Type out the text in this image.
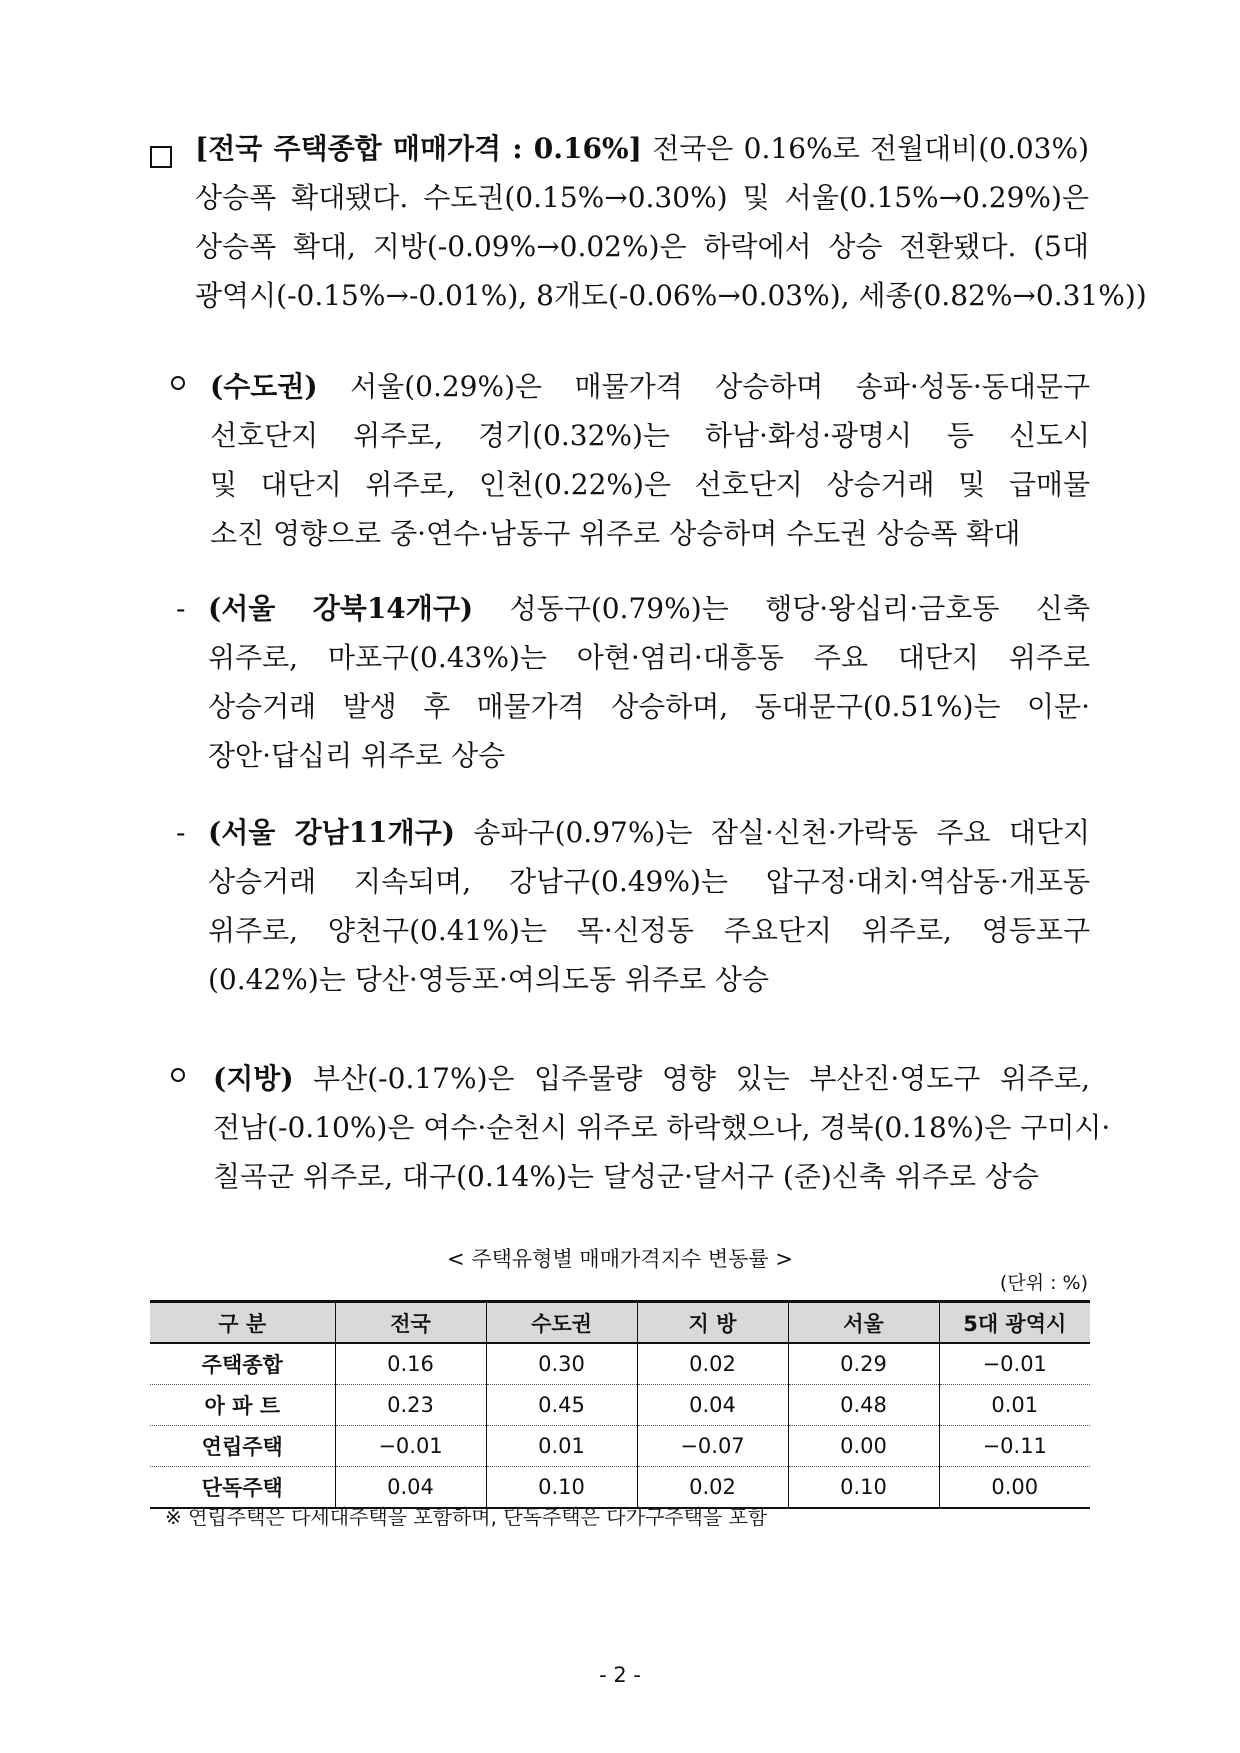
[전국 주택종합 매매가격 : 0.16%] 전국은 0.16%로 전월대비(0.03%)
상승폭 확대됐다. 수도권(0.15%→0.30%) 및 서울(0.15%→0.29%)은
상승폭 확대, 지방(-0.09%→0.02%)은 하락에서 상승 전환됐다. (5대
광역시(-0.15%→-0.01%), 8개도(-0.06%→0.03%), 세종(0.82%→0.31%))
(수도권) 서울(0.29%)은 매물가격 상승하며 송파·성동·동대문구
선호단지 위주로, 경기(0.32%)는 하남·화성·광명시 등 신도시
및 대단지 위주로, 인천(0.22%)은 선호단지 상승거래 및 급매물
소진 영향으로 중·연수·남동구 위주로 상승하며 수도권 상승폭 확대
- (서울 강북14개구) 성동구(0.79%)는 행당·왕십리·금호동 신축
위주로, 마포구(0.43%)는 아현·염리·대흥동 주요 대단지 위주로
상승거래 발생 후 매물가격 상승하며, 동대문구(0.51%)는 이문·
장안·답십리 위주로 상승
- (서울 강남11개구) 송파구(0.97%)는 잠실·신천·가락동 주요 대단지
상승거래 지속되며, 강남구(0.49%)는 압구정·대치·역삼동·개포동
위주로, 양천구(0.41%)는 목·신정동 주요단지 위주로, 영등포구
(0.42%)는 당산·영등포·여의도동 위주로 상승
(지방) 부산(-0.17%)은 입주물량 영향 있는 부산진·영도구 위주로,
전남(-0.10%)은 여수·순천시 위주로 하락했으나, 경북(0.18%)은 구미시·
칠곡군 위주로, 대구(0.14%)는 달성군·달서구 (준)신축 위주로 상승
< 주택유형별 매매가격지수 변동률 >
(단위 : %)
구 분	전국	수도권	지 방	서울	5대 광역시
주택종합	0.16	0.30	0.02	0.29	−0.01
아 파 트	0.23	0.45	0.04	0.48	0.01
연립주택	−0.01	0.01	−0.07	0.00	−0.11
단독주택	0.04	0.10	0.02	0.10	0.00
※ 연립주택은 다세대주택을 포함하며, 단독주택은 다가구주택을 포함
- 2 -
